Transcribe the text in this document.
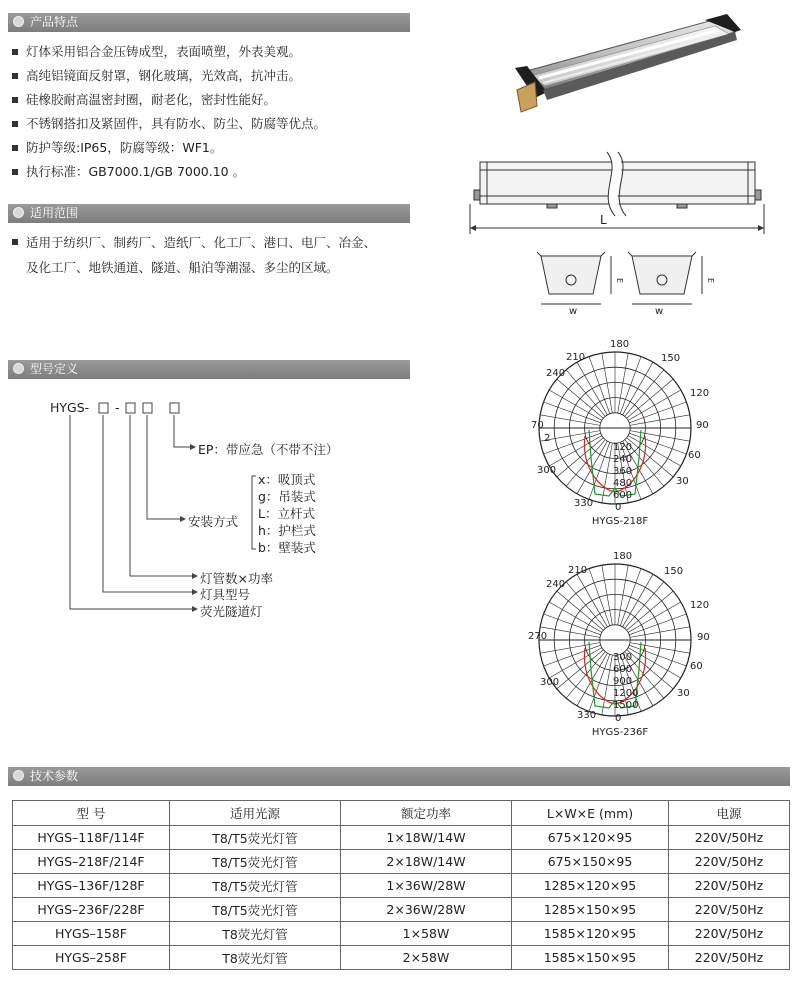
产品特点
灯体采用铝合金压铸成型，表面喷塑，外表美观。
高纯铝镜面反射罩，钢化玻璃，光效高，抗冲击。
硅橡胶耐高温密封圈，耐老化，密封性能好。
不锈钢搭扣及紧固件，具有防水、防尘、防腐等优点。
防护等级:IP65，防腐等级：WF1。
执行标准：GB7000.1/GB 7000.10 。
适用范围
适用于纺织厂、制药厂、造纸厂、化工厂、港口、电厂、冶金、
及化工厂、地铁通道、隧道、船泊等潮湿、多尘的区域。
型号定义
HYGS- -
EP：带应急（不带不注）
安装方式
x：吸顶式
g：吊装式
L：立杆式
h：护栏式
b：壁装式
灯管数×功率
灯具型号
荧光隧道灯
L
E
w
E
w
HYGS-218F
HYGS-236F
180
150
120
90
60
30
0
330
300
70
240
210
2
120
240
360
480
600
180
150
120
90
60
30
0
330
300
270
240
210
300
600
900
1200
1500
技术参数
型 号	适用光源	额定功率	L×W×E (mm)	电源
HYGS–118F/114F	T8/T5荧光灯管	1×18W/14W	675×120×95	220V/50Hz
HYGS–218F/214F	T8/T5荧光灯管	2×18W/14W	675×150×95	220V/50Hz
HYGS–136F/128F	T8/T5荧光灯管	1×36W/28W	1285×120×95	220V/50Hz
HYGS–236F/228F	T8/T5荧光灯管	2×36W/28W	1285×150×95	220V/50Hz
HYGS–158F	T8荧光灯管	1×58W	1585×120×95	220V/50Hz
HYGS–258F	T8荧光灯管	2×58W	1585×150×95	220V/50Hz
